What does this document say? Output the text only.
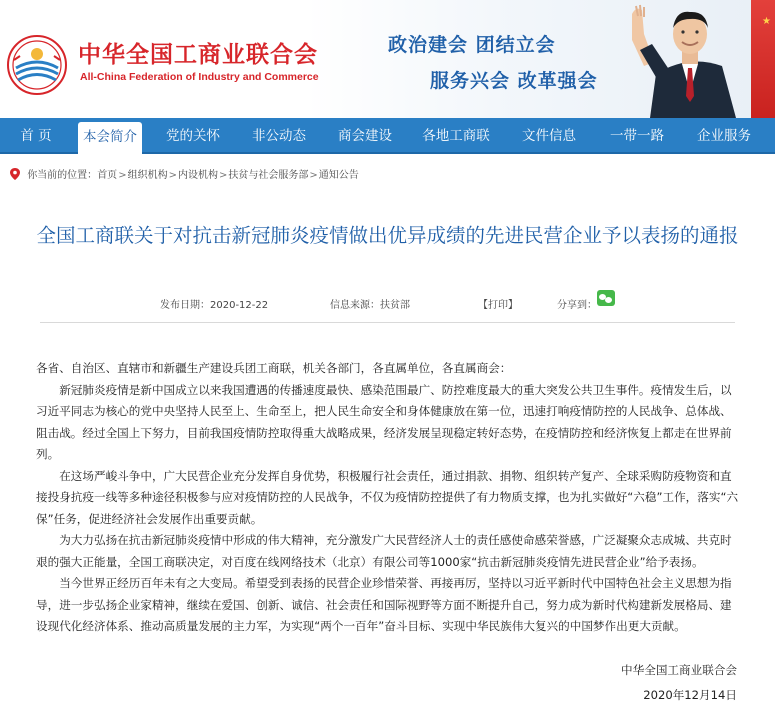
中华全国工商业联合会
All-China Federation of Industry and Commerce
政治建会 团结立会
服务兴会 改革强会
★
首 页	本会简介	党的关怀	非公动态	商会建设	各地工商联	文件信息	一带一路	企业服务
你当前的位置：首页>组织机构>内设机构>扶贫与社会服务部>通知公告
全国工商联关于对抗击新冠肺炎疫情做出优异成绩的先进民营企业予以表扬的通报
发布日期：2020-12-22	信息来源：扶贫部	【打印】	分享到：
各省、自治区、直辖市和新疆生产建设兵团工商联，机关各部门，各直属单位，各直属商会：
新冠肺炎疫情是新中国成立以来我国遭遇的传播速度最快、感染范围最广、防控难度最大的重大突发公共卫生事件。疫情发生后，以习近平同志为核心的党中央坚持人民至上、生命至上，把人民生命安全和身体健康放在第一位，迅速打响疫情防控的人民战争、总体战、阻击战。经过全国上下努力，目前我国疫情防控取得重大战略成果，经济发展呈现稳定转好态势，在疫情防控和经济恢复上都走在世界前列。
在这场严峻斗争中，广大民营企业充分发挥自身优势，积极履行社会责任，通过捐款、捐物、组织转产复产、全球采购防疫物资和直接投身抗疫一线等多种途径积极参与应对疫情防控的人民战争，不仅为疫情防控提供了有力物质支撑，也为扎实做好“六稳”工作，落实“六保”任务，促进经济社会发展作出重要贡献。
为大力弘扬在抗击新冠肺炎疫情中形成的伟大精神，充分激发广大民营经济人士的责任感使命感荣誉感，广泛凝聚众志成城、共克时艰的强大正能量，全国工商联决定，对百度在线网络技术（北京）有限公司等1000家“抗击新冠肺炎疫情先进民营企业”给予表扬。
当今世界正经历百年未有之大变局。希望受到表扬的民营企业珍惜荣誉、再接再厉，坚持以习近平新时代中国特色社会主义思想为指导，进一步弘扬企业家精神，继续在爱国、创新、诚信、社会责任和国际视野等方面不断提升自己，努力成为新时代构建新发展格局、建设现代化经济体系、推动高质量发展的主力军，为实现“两个一百年”奋斗目标、实现中华民族伟大复兴的中国梦作出更大贡献。
中华全国工商业联合会
2020年12月14日
